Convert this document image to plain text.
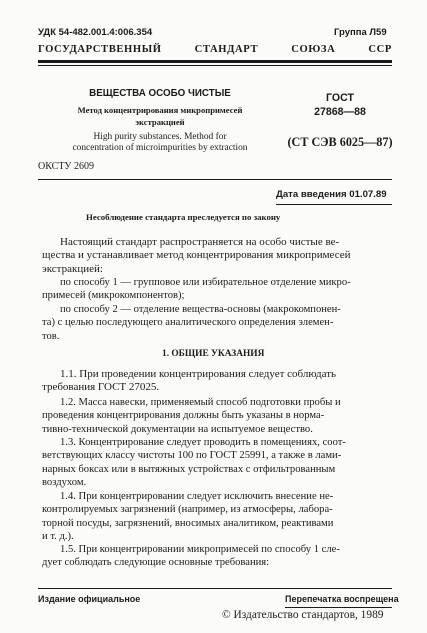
УДК 54-482.001.4:006.354	Группа Л59
ГОСУДАРСТВЕННЫЙ СТАНДАРТ СОЮЗА ССР
ВЕЩЕСТВА ОСОБО ЧИСТЫЕ
Метод концентрирования микропримесей
экстракцией
High purity substances. Method for
concentration of microimpurities by extraction
ГОСТ
27868—88
(СТ СЭВ 6025—87)
ОКСТУ 2609
Дата введения 01.07.89
Несоблюдение стандарта преследуется по закону
Настоящий стандарт распространяется на особо чистые ве-
щества и устанавливает метод концентрирования микропримесей
экстракцией:
по способу 1 — групповое или избирательное отделение микро-
примесей (микрокомпонентов);
по способу 2 — отделение вещества-основы (макрокомпонен-
та) с целью последующего аналитического определения элемен-
тов.
1. ОБЩИЕ УКАЗАНИЯ
1.1. При проведении концентрирования следует соблюдать
требования ГОСТ 27025.
1.2. Масса навески, применяемый способ подготовки пробы и
проведения концентрирования должны быть указаны в норма-
тивно-технической документации на испытуемое вещество.
1.3. Концентрирование следует проводить в помещениях, соот-
ветствующих классу чистоты 100 по ГОСТ 25991, а также в лами-
нарных боксах или в вытяжных устройствах с отфильтрованным
воздухом.
1.4. При концентрировании следует исключить внесение не-
контролируемых загрязнений (например, из атмосферы, лабора-
торной посуды, загрязнений, вносимых аналитиком, реактивами
и т. д.).
1.5. При концентрировании микропримесей по способу 1 сле-
дует соблюдать следующие основные требования:
Издание официальное	Перепечатка воспрещена
© Издательство стандартов, 1989
